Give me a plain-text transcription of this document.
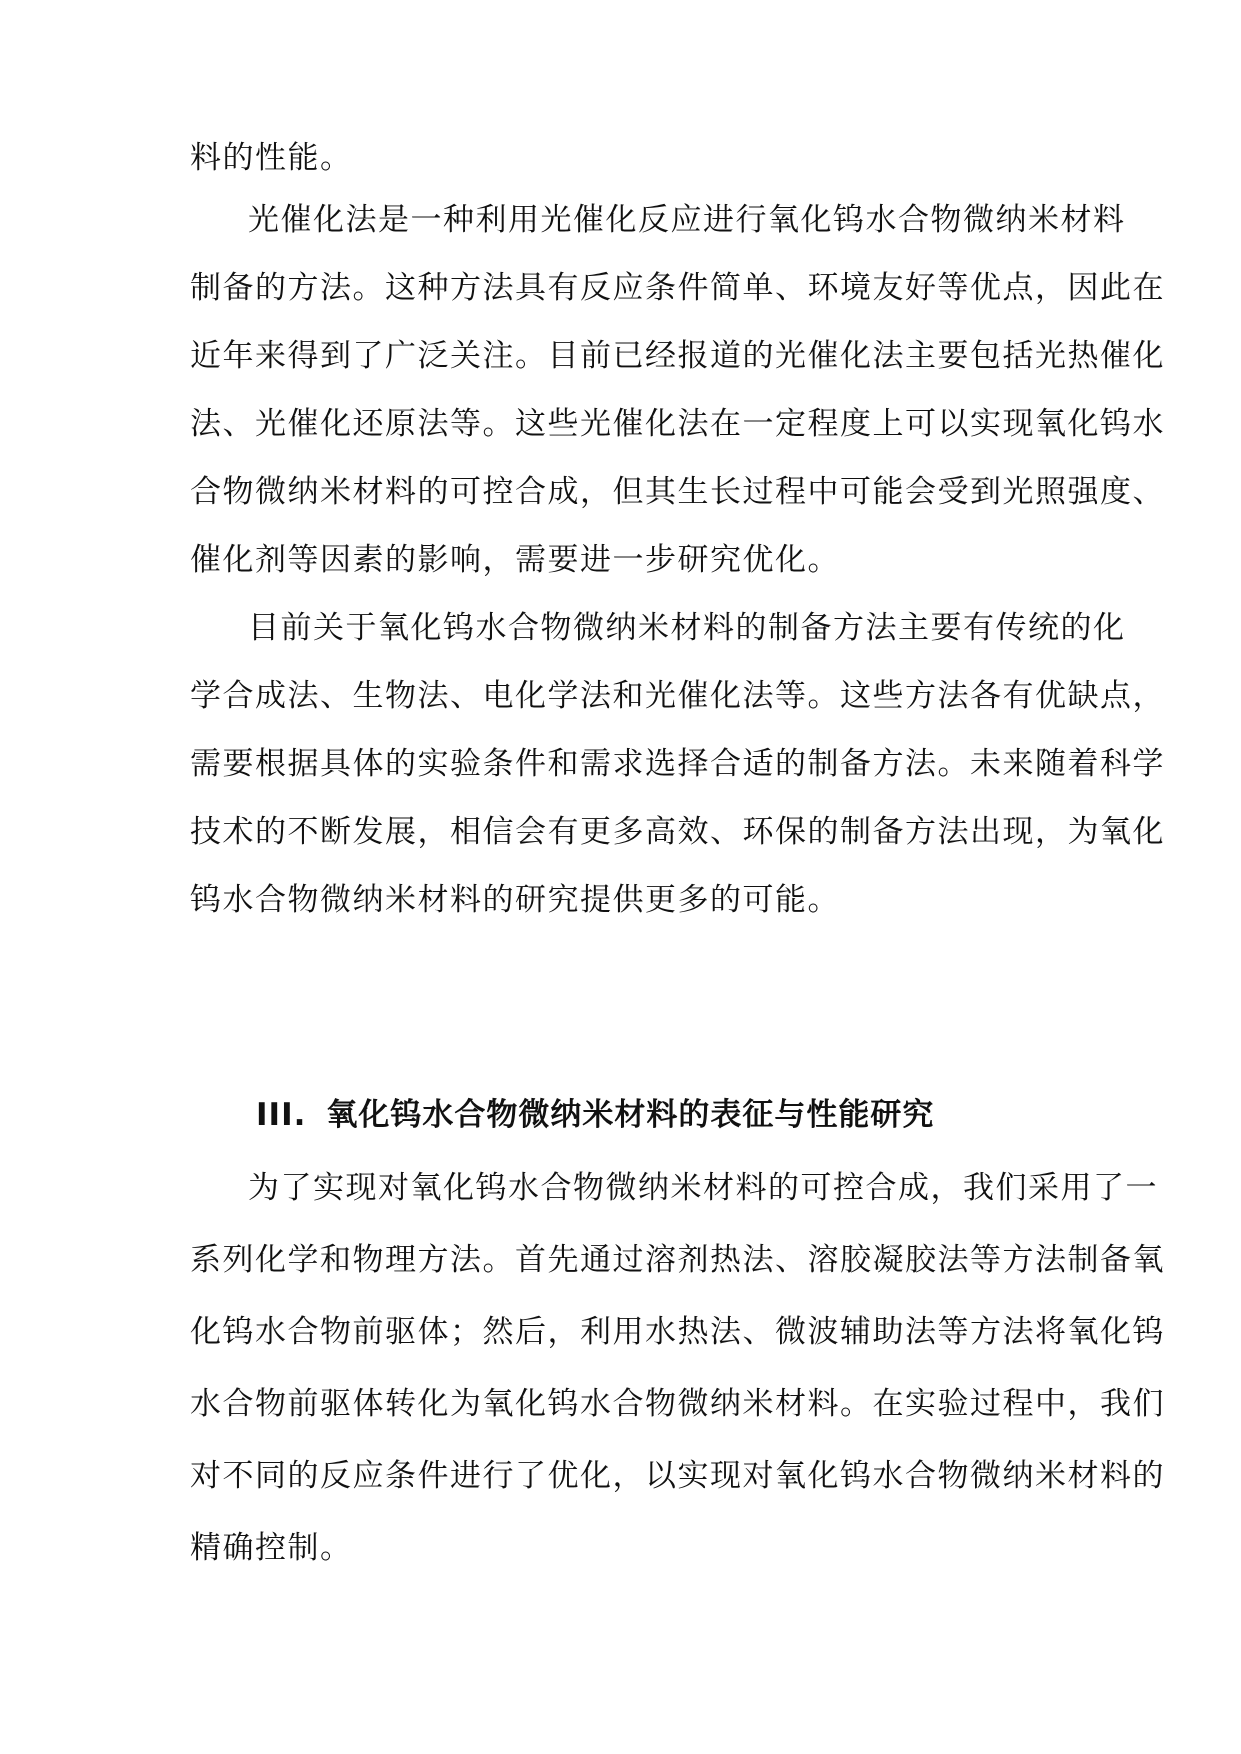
料的性能。
光催化法是一种利用光催化反应进行氧化钨水合物微纳米材料
制备的方法。这种方法具有反应条件简单、环境友好等优点，因此在
近年来得到了广泛关注。目前已经报道的光催化法主要包括光热催化
法、光催化还原法等。这些光催化法在一定程度上可以实现氧化钨水
合物微纳米材料的可控合成，但其生长过程中可能会受到光照强度、
催化剂等因素的影响，需要进一步研究优化。
目前关于氧化钨水合物微纳米材料的制备方法主要有传统的化
学合成法、生物法、电化学法和光催化法等。这些方法各有优缺点，
需要根据具体的实验条件和需求选择合适的制备方法。未来随着科学
技术的不断发展，相信会有更多高效、环保的制备方法出现，为氧化
钨水合物微纳米材料的研究提供更多的可能。
III. 氧化钨水合物微纳米材料的表征与性能研究
为了实现对氧化钨水合物微纳米材料的可控合成，我们采用了一
系列化学和物理方法。首先通过溶剂热法、溶胶凝胶法等方法制备氧
化钨水合物前驱体；然后，利用水热法、微波辅助法等方法将氧化钨
水合物前驱体转化为氧化钨水合物微纳米材料。在实验过程中，我们
对不同的反应条件进行了优化，以实现对氧化钨水合物微纳米材料的
精确控制。
